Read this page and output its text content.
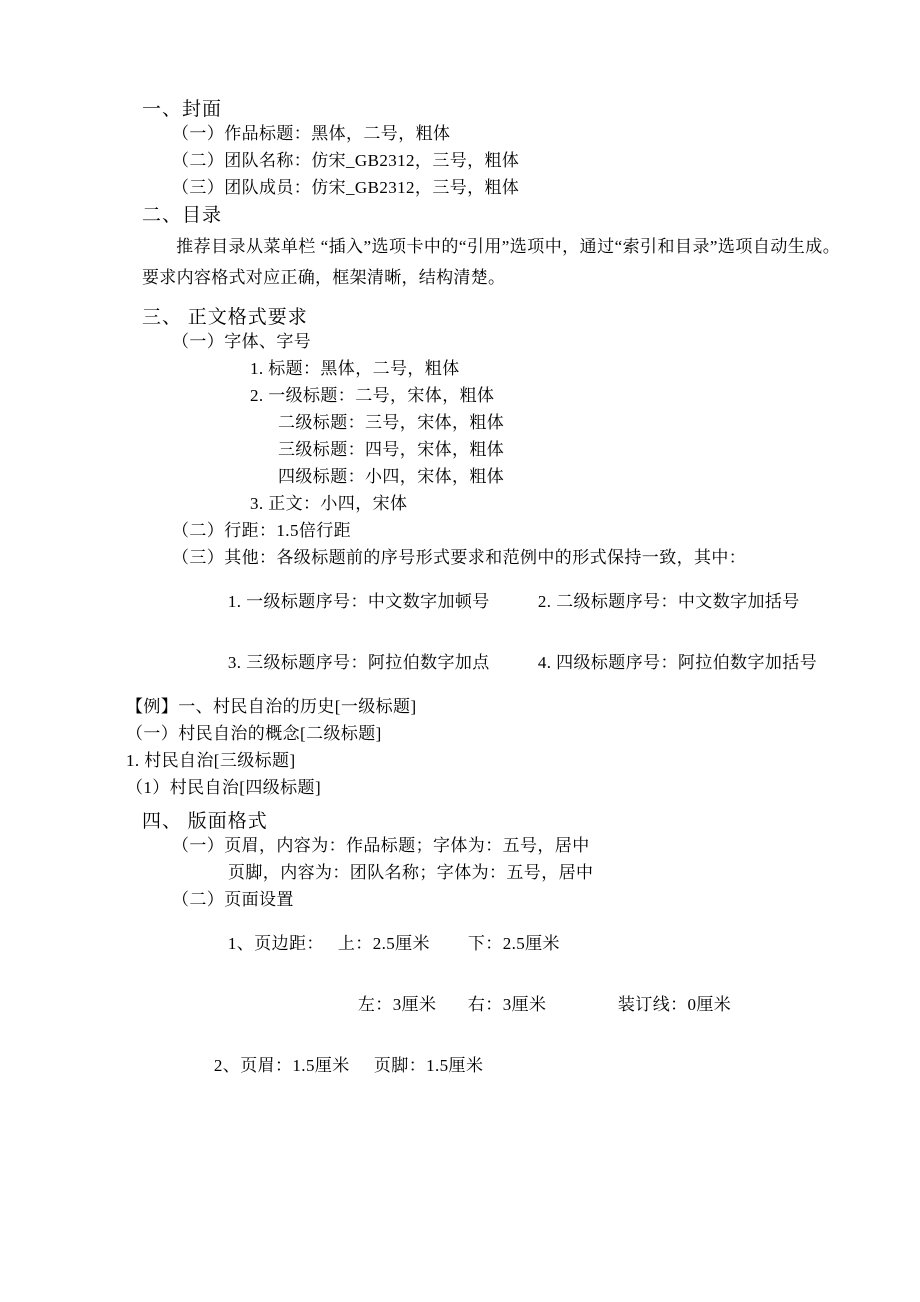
一、封面
（一）作品标题：黑体，二号，粗体
（二）团队名称：仿宋_GB2312，三号，粗体
（三）团队成员：仿宋_GB2312，三号，粗体
二、目录
推荐目录从菜单栏 “插入”选项卡中的“引用”选项中，通过“索引和目录”选项自动生成。要求内容格式对应正确，框架清晰，结构清楚。
三、 正文格式要求
（一）字体、字号
1. 标题：黑体，二号，粗体
2. 一级标题：二号，宋体，粗体
二级标题：三号，宋体，粗体
三级标题：四号，宋体，粗体
四级标题：小四，宋体，粗体
3. 正文：小四，宋体
（二）行距：1.5倍行距
（三）其他：各级标题前的序号形式要求和范例中的形式保持一致，其中：

1. 一级标题序号：中文数字加顿号	2. 二级标题序号：中文数字加括号

3. 三级标题序号：阿拉伯数字加点	4. 四级标题序号：阿拉伯数字加括号

【例】一、村民自治的历史[一级标题]
（一）村民自治的概念[二级标题]
1. 村民自治[三级标题]
（1）村民自治[四级标题]
四、 版面格式
（一）页眉，内容为：作品标题；字体为：五号，居中
页脚，内容为：团队名称；字体为：五号，居中
（二）页面设置

1、页边距： 上：2.5厘米 下：2.5厘米

左：3厘米 右：3厘米	装订线：0厘米

2、页眉：1.5厘米 页脚：1.5厘米
